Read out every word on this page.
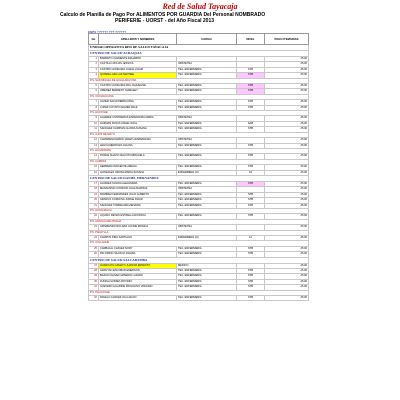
Red de Salud Tayacaja
Calculo de Planilla de Pago Por ALIMENTOS POR GUARDIA Del Personal NOMBRADO
PERIFERIE - UORST - del Año Fiscal 2013
ENPS ?????? ??? ??????
No	APELLIDOS Y NOMBRES	CARGO	NIVEL	PAGO ITEMS/DAS
UNIDAD OPERATIVA RED DE SALUD TAYACAJA				
CENTRO DE SALUD ACRAQUIA				
1	BARRETO CLEMENTE EDUARDO			25.00
2	CASTILLO ROJAS JESSICA	OBSTETRA		25.00
3	CASTRO GONGORA JUANA LILIAM	TEC. ENFERMERIA	STB	25.00
4	QUISPE LAZA LUZ MAYDEE	TEC. ENFERMERIA	STB	25.00
P.S. SAN MIGUEL DE HUALLANA NºE1				
5	CASTRO GONGORA ADA JAQUELINE	TEC. ENFERMERIA	STB	25.00
6	JIMENEZ BARRETO SHIRLEEY	TEC. ENFERMERIA	STB	25.00
P.S. COCHACCASA				
7	JAVIER SALVATIERRA DINA	TEC. ENFERMERIA	STB	25.00
8	LOPEZ COYAITO ELMER RAUL	TEC. ENFERMERIA	STB	25.00
P.S. HUAYCHE				
9	ALVAREZ CONTRERAS ESPERANZA MARIA	OBSTETRA		25.00
10	HUZMAN ROJAS ANGEL RAUL	TEC. ENFERMERIA	SAB	25.00
11	SANCHEZ CAMPIAN GLORIA SUSANA	TEC. ENFERMERIA	STB	25.00
P.S. OJOS DE MAYO				
12	CAMARENA MARIN JANETH ESPERANZA	OBSTETRA		25.00
13	LEGUA MENDOZA LILIANA	TEC. ENFERMERIA	STB	25.00
P.S. HUANOPATA				
14	PONCE SUAZO FELICITA MIRACELA	TEC. ENFERMERIA	STB	25.00
P.S. CAMPAS				
15	HERRERA INOCENTE AMELIA	TEC. ENFERMERIA	STB	25.00
16	GONZALES UROSA MARIA SUSANA	ENFERMERA (O)	15	25.00
CENTRO DE SALUD DANIEL HERNANDEZ				
17	ALVAREZ SOLDIA ALEJANDRA	TEC. ENFERMERIA	STB	25.00
18	MANANSSIO CONDOR JULIA MARISOL	OBSTETRA		25.00
19	RAMIREZ FERNANDEZ JULIO ALBERTO	TEC. ENFERMERIA	STB	25.00
20	ARANCO CORDOVA JORGE DAVID	TEC. ENFERMERIA	STB	25.00
21	SANCHEZ TORREALBA ZENAIDA	TEC. ENFERMERIA	STB	25.00
P.S. HUACHAUCA				
22	AQUINO REYES ESTRELLA DIONICIA	TEC. ENFERMERIA	STB	25.00
P.S. ANTIGUA DE PISCHA				
23	ARISMENDO ROLDAN JACKIE MONICA	OBSTETRA		25.00
P.S. PANAYLLA				
24	CAMPOS PIÑA SANTIAGO	ENFERMERA (O)	11	25.00
P.S. CULLACHE				
25	CARBAJAL CHAVEZ NORY	TEC. ENFERMERIA	STB	25.00
26	PALOMINO SILVACO FIDHNA	TEC. ENFERMERIA	STB	25.00
CENTRO DE SALUD SALCABAMBA				
27	HUARCAYA CAMAYO JUANOR ERNESTO	MEDICO		25.00
28	ARANYAN ESCOBAR EMERSON	TEC. ENFERMERIA	STB	25.00
29	BAZAN CHAVEZ ARSENIO LAZARO	TEC. ENFERMERIA	STB	25.00
30	ZUÑIGA GOMEZ ANTONIO	TEC. ENFERMERIA	STB	25.00
31	ACEVEDO HUARINE FRIGOLINO VIRGINIO	TEC. ENFERMERIA	STB	25.00
P.S. PACCOCHE				
32	RAVELO CHAVEZ OLGUALDO	TEC. ENFERMERIA	STB	25.00
